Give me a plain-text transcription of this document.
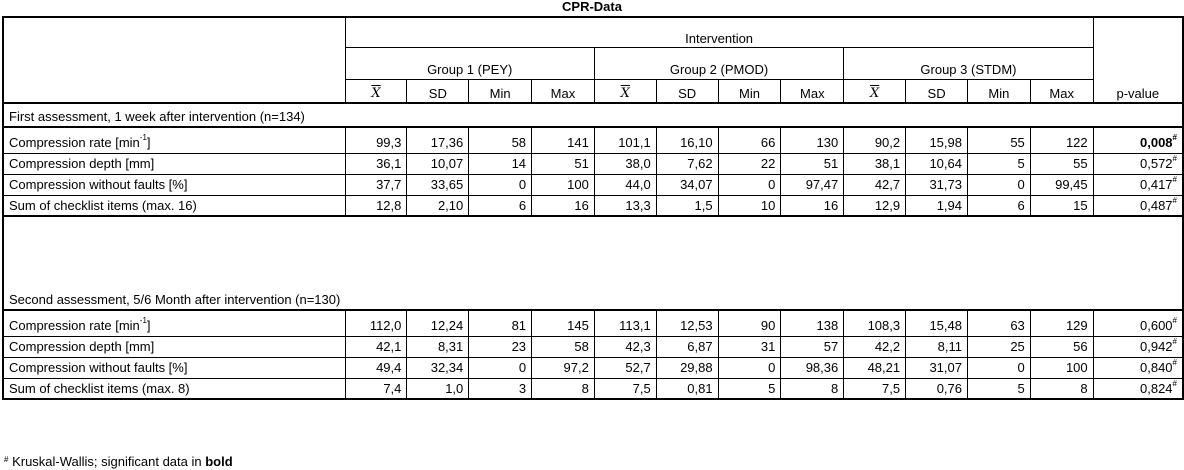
CPR-Data
	Intervention												p-value
	Group 1 (PEY)				Group 2 (PMOD)				Group 3 (STDM)				
	$\overline{X}$	SD	Min	Max	$\overline{X}$	SD	Min	Max	$\overline{X}$	SD	Min	Max	
First assessment, 1 week after intervention (n=134)													
Compression rate $[\min^{-1}]$	99,3	17,36	58	141	101,1	16,10	66	130	90,2	15,98	55	122	0,008#
Compression depth [mm]	36,1	10,07	14	51	38,0	7,62	22	51	38,1	10,64	5	55	0,572#
Compression without faults [%]	37,7	33,65	0	100	44,0	34,07	0	97,47	42,7	31,73	0	99,45	0,417#
Sum of checklist items (max. 16)	12,8	2,10	6	16	13,3	1,5	10	16	12,9	1,94	6	15	0,487#
Second assessment, 5/6 Month after intervention (n=130)													
Compression rate $[\min^{-1}]$	112,0	12,24	81	145	113,1	12,53	90	138	108,3	15,48	63	129	0,600#
Compression depth [mm]	42,1	8,31	23	58	42,3	6,87	31	57	42,2	8,11	25	56	0,942#
Compression without faults [%]	49,4	32,34	0	97,2	52,7	29,88	0	98,36	48,21	31,07	0	100	0,840#
Sum of checklist items (max. 8)	7,4	1,0	3	8	7,5	0,81	5	8	7,5	0,76	5	8	0,824#
# Kruskal-Wallis; significant data in bold
